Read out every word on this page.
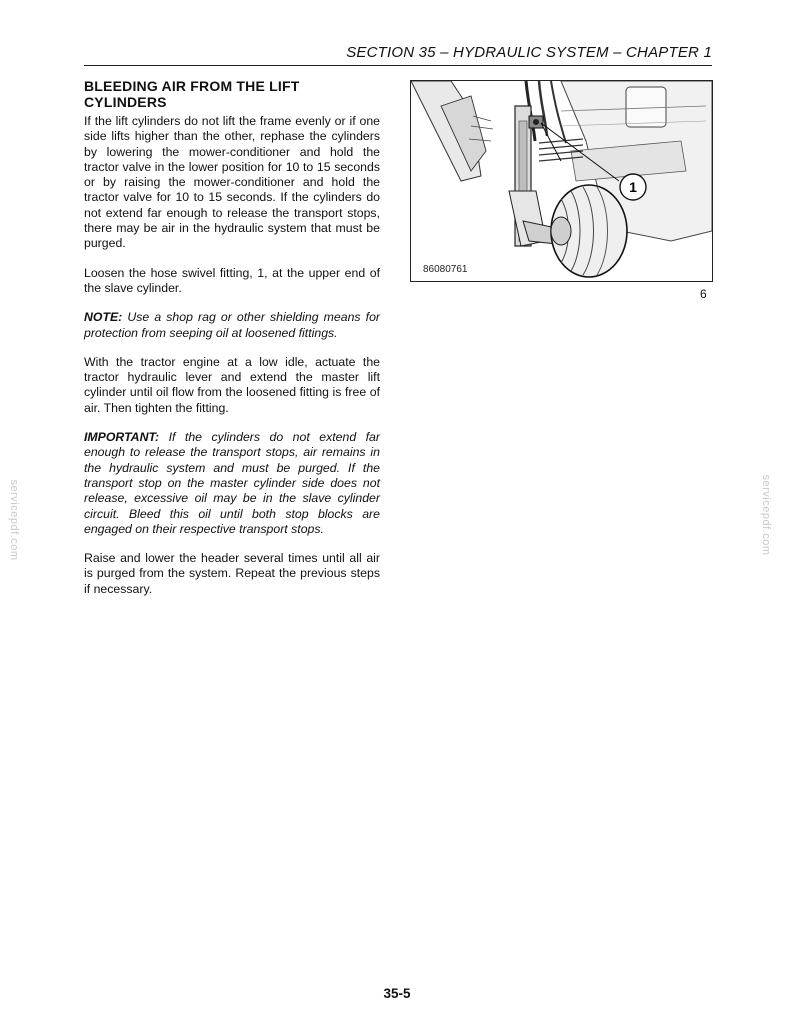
SECTION 35 – HYDRAULIC SYSTEM – CHAPTER 1
BLEEDING AIR FROM THE LIFT CYLINDERS

If the lift cylinders do not lift the frame evenly or if one side lifts higher than the other, rephase the cylinders by lowering the mower-conditioner and hold the tractor valve in the lower position for 10 to 15 seconds or by raising the mower-conditioner and hold the tractor valve for 10 to 15 seconds. If the cylinders do not extend far enough to release the transport stops, there may be air in the hydraulic system that must be purged.

Loosen the hose swivel fitting, 1, at the upper end of the slave cylinder.

NOTE: Use a shop rag or other shielding means for protection from seeping oil at loosened fittings.

With the tractor engine at a low idle, actuate the tractor hydraulic lever and extend the master lift cylinder until oil flow from the loosened fitting is free of air. Then tighten the fitting.

IMPORTANT: If the cylinders do not extend far enough to release the transport stops, air remains in the hydraulic system and must be purged. If the transport stop on the master cylinder side does not release, excessive oil may be in the slave cylinder circuit. Bleed this oil until both stop blocks are engaged on their respective transport stops.

Raise and lower the header several times until all air is purged from the system. Repeat the previous steps if necessary.

1
86080761
6
servicepdf.com	servicepdf.com
35-5
